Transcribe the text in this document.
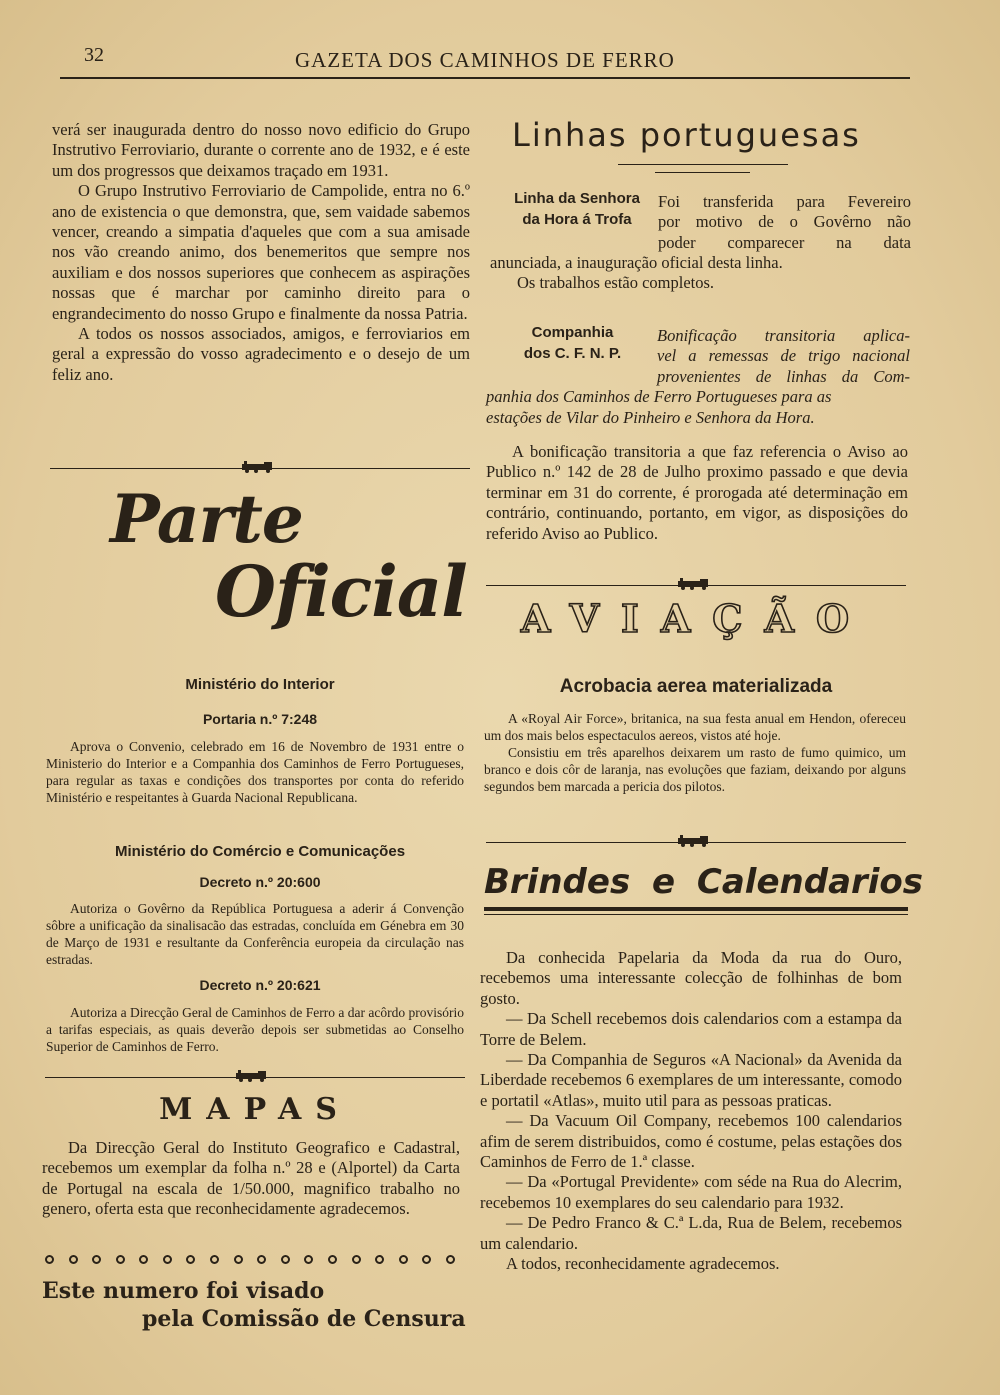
32	GAZETA DOS CAMINHOS DE FERRO

verá ser inaugurada dentro do nosso novo edificio do Grupo Instrutivo Ferroviario, durante o corrente ano de 1932, e é este um dos progressos que deixamos traçado em 1931.

O Grupo Instrutivo Ferroviario de Campolide, entra no 6.º ano de existencia o que demonstra, que, sem vaidade sabemos vencer, creando a simpatia d'aqueles que com a sua amisade nos vão creando animo, dos benemeritos que sempre nos auxiliam e dos nossos superiores que conhecem as aspirações nossas que é marchar por caminho direito para o engrandecimento do nosso Grupo e finalmente da nossa Patria.

A todos os nossos associados, amigos, e ferroviarios em geral a expressão do vosso agradecimento e o desejo de um feliz ano.

Parte
Oficial
Ministério do Interior
Portaria n.º 7:248

Aprova o Convenio, celebrado em 16 de Novembro de 1931 entre o Ministerio do Interior e a Companhia dos Caminhos de Ferro Portugueses, para regular as taxas e condições dos transportes por conta do referido Ministério e respeitantes à Guarda Nacional Republicana.

Ministério do Comércio e Comunicações
Decreto n.º 20:600

Autoriza o Govêrno da República Portuguesa a aderir á Convenção sôbre a unificação da sinalisacão das estradas, concluída em Génebra em 30 de Março de 1931 e resultante da Conferência europeia da circulação nas estradas.

Decreto n.º 20:621

Autoriza a Direcção Geral de Caminhos de Ferro a dar acôrdo provisório a tarifas especiais, as quais deverão depois ser submetidas ao Conselho Superior de Caminhos de Ferro.

MAPAS

Da Direcção Geral do Instituto Geografico e Cadastral, recebemos um exemplar da folha n.º 28 e (Alportel) da Carta de Portugal na escala de 1/50.000, magnifico trabalho no genero, oferta esta que reconhecidamente agradecemos.

Este numero foi visado
pela Comissão de Censura
Linhas portuguesas
Linha da Senhora
da Hora á Trofa
Foi transferida para Fevereiro
por motivo de o Govêrno não
poder comparecer na data
anunciada, a inauguração oficial desta linha.
Os trabalhos estão completos.
Companhia
dos C. F. N. P.
Bonificação transitoria aplica-
vel a remessas de trigo nacional
provenientes de linhas da Com-
panhia dos Caminhos de Ferro Portugueses para as
estações de Vilar do Pinheiro e Senhora da Hora.

A bonificação transitoria a que faz referencia o Aviso ao Publico n.º 142 de 28 de Julho proximo passado e que devia terminar em 31 do corrente, é prorogada até determinação em contrário, continuando, portanto, em vigor, as disposições do referido Aviso ao Publico.

AVIAÇÃO
Acrobacia aerea materializada

A «Royal Air Force», britanica, na sua festa anual em Hendon, ofereceu um dos mais belos espectaculos aereos, vistos até hoje.

Consistiu em três aparelhos deixarem um rasto de fumo quimico, um branco e dois côr de laranja, nas evoluções que faziam, deixando por alguns segundos bem marcada a pericia dos pilotos.

Brindes e Calendarios

Da conhecida Papelaria da Moda da rua do Ouro, recebemos uma interessante colecção de folhinhas de bom gosto.

— Da Schell recebemos dois calendarios com a estampa da Torre de Belem.

— Da Companhia de Seguros «A Nacional» da Avenida da Liberdade recebemos 6 exemplares de um interessante, comodo e portatil «Atlas», muito util para as pessoas praticas.

— Da Vacuum Oil Company, recebemos 100 calendarios afim de serem distribuidos, como é costume, pelas estações dos Caminhos de Ferro de 1.ª classe.

— Da «Portugal Previdente» com séde na Rua do Alecrim, recebemos 10 exemplares do seu calendario para 1932.

— De Pedro Franco & C.ª L.da, Rua de Belem, recebemos um calendario.

A todos, reconhecidamente agradecemos.
